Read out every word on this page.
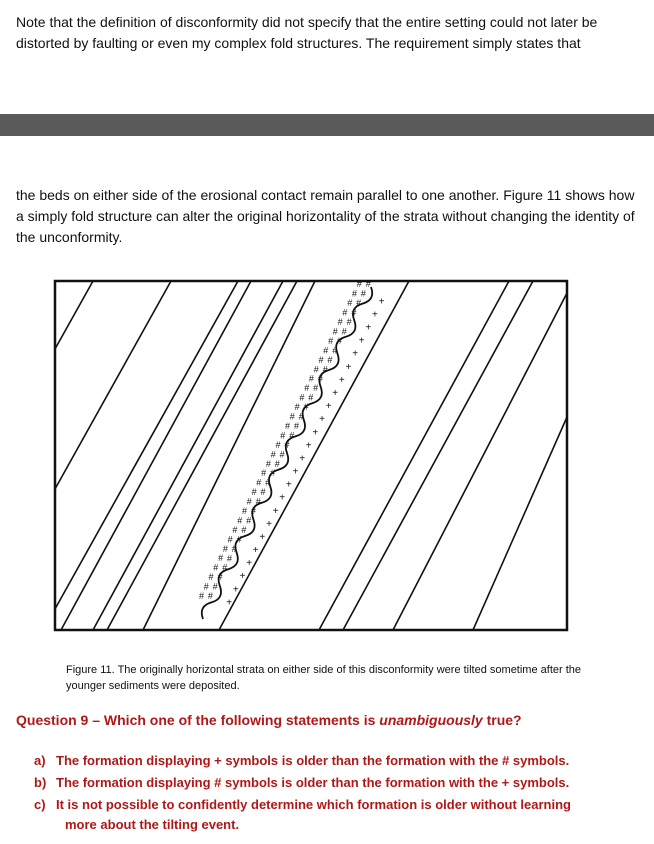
Note that the definition of disconformity did not specify that the entire setting could not later be distorted by faulting or even my complex fold structures. The requirement simply states that

the beds on either side of the erosional contact remain parallel to one another. Figure 11 shows how a simply fold structure can alter the original horizontality of the strata without changing the identity of the unconformity.

+
+
+
+
+
+
+
+
+
+
+
+
+
+
+
+
+
+
+
+
+
+
+
+
#
#
#
#
#
#
#
#
#
#
#
#
#
#
#
#
#
#
#
#
#
#
#
#
#
#
#
#
#
#
#
#
#
#
#
#
#
#
#
#
#
#
#
#
#
#
#
#
#
#
#
#
#
#
#
#
#
#
#
#
#
#
#
#
#
#
#
#

Figure 11. The originally horizontal strata on either side of this disconformity were tilted sometime after the younger sediments were deposited.

Question 9 – Which one of the following statements is unambiguously true?

a) The formation displaying + symbols is older than the formation with the # symbols.

b) The formation displaying # symbols is older than the formation with the + symbols.

c) It is not possible to confidently determine which formation is older without learning
more about the tilting event.
